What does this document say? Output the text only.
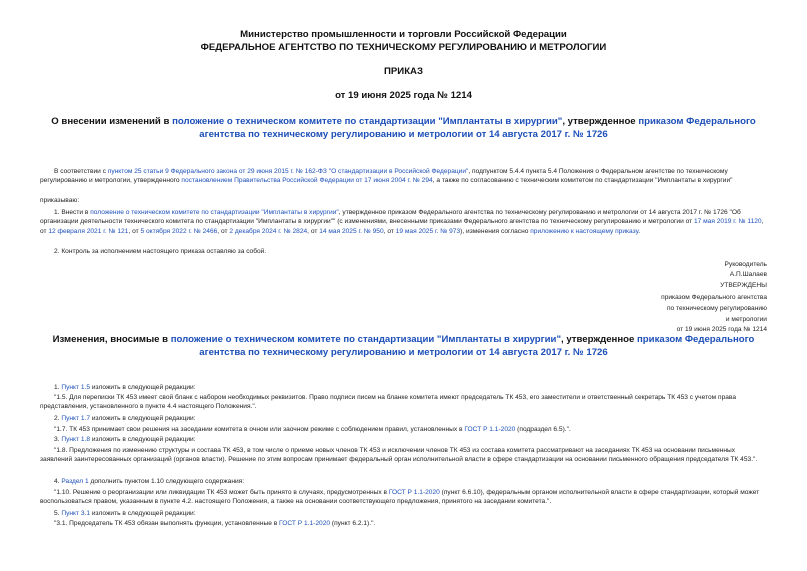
Министерство промышленности и торговли Российской Федерации
ФЕДЕРАЛЬНОЕ АГЕНТСТВО ПО ТЕХНИЧЕСКОМУ РЕГУЛИРОВАНИЮ И МЕТРОЛОГИИ
ПРИКАЗ
от 19 июня 2025 года № 1214
О внесении изменений в положение о техническом комитете по стандартизации "Имплантаты в хирургии", утвержденное приказом Федерального агентства по техническому регулированию и метрологии от 14 августа 2017 г. № 1726
В соответствии с пунктом 25 статьи 9 Федерального закона от 29 июня 2015 г. № 162-ФЗ "О стандартизации в Российской Федерации", подпунктом 5.4.4 пункта 5.4 Положения о Федеральном агентстве по техническому регулированию и метрологии, утвержденного постановлением Правительства Российской Федерации от 17 июня 2004 г. № 294, а также по согласованию с техническим комитетом по стандартизации "Имплантаты в хирургии"
приказываю:
1. Внести в положение о техническом комитете по стандартизации "Имплантаты в хирургии", утвержденное приказом Федерального агентства по техническому регулированию и метрологии от 14 августа 2017 г. № 1726 "Об организации деятельности технического комитета по стандартизации "Имплантаты в хирургии"" (с изменениями, внесенными приказами Федерального агентства по техническому регулированию и метрологии от 17 мая 2019 г. № 1120, от 12 февраля 2021 г. № 121, от 5 октября 2022 г. № 2466, от 2 декабря 2024 г. № 2824, от 14 мая 2025 г. № 950, от 19 мая 2025 г. № 973), изменения согласно приложению к настоящему приказу.
2. Контроль за исполнением настоящего приказа оставляю за собой.
Руководитель
А.П.Шалаев
УТВЕРЖДЕНЫ
приказом Федерального агентства
по техническому регулированию
и метрологии
от 19 июня 2025 года № 1214
Изменения, вносимые в положение о техническом комитете по стандартизации "Имплантаты в хирургии", утвержденное приказом Федерального агентства по техническому регулированию и метрологии от 14 августа 2017 г. № 1726
1. Пункт 1.5 изложить в следующей редакции:
"1.5. Для переписки ТК 453 имеет свой бланк с набором необходимых реквизитов. Право подписи писем на бланке комитета имеют председатель ТК 453, его заместители и ответственный секретарь ТК 453 с учетом права представления, установленного в пункте 4.4 настоящего Положения.".
2. Пункт 1.7 изложить в следующей редакции:
"1.7. ТК 453 принимает свои решения на заседании комитета в очном или заочном режиме с соблюдением правил, установленных в ГОСТ Р 1.1-2020 (подраздел 6.5).".
3. Пункт 1.8 изложить в следующей редакции:
"1.8. Предложения по изменению структуры и состава ТК 453, в том числе о приеме новых членов ТК 453 и исключении членов ТК 453 из состава комитета рассматривают на заседаниях ТК 453 на основании письменных заявлений заинтересованных организаций (органов власти). Решение по этим вопросам принимает федеральный орган исполнительной власти в сфере стандартизации на основании письменного обращения председателя ТК 453.".
4. Раздел 1 дополнить пунктом 1.10 следующего содержания:
"1.10. Решение о реорганизации или ликвидации ТК 453 может быть принято в случаях, предусмотренных в ГОСТ Р 1.1-2020 (пункт 6.6.10), федеральным органом исполнительной власти в сфере стандартизации, который может воспользоваться правом, указанным в пункте 4.2. настоящего Положения, а также на основании соответствующего предложения, принятого на заседании комитета.".
5. Пункт 3.1 изложить в следующей редакции:
"3.1. Председатель ТК 453 обязан выполнять функции, установленные в ГОСТ Р 1.1-2020 (пункт 6.2.1).".
